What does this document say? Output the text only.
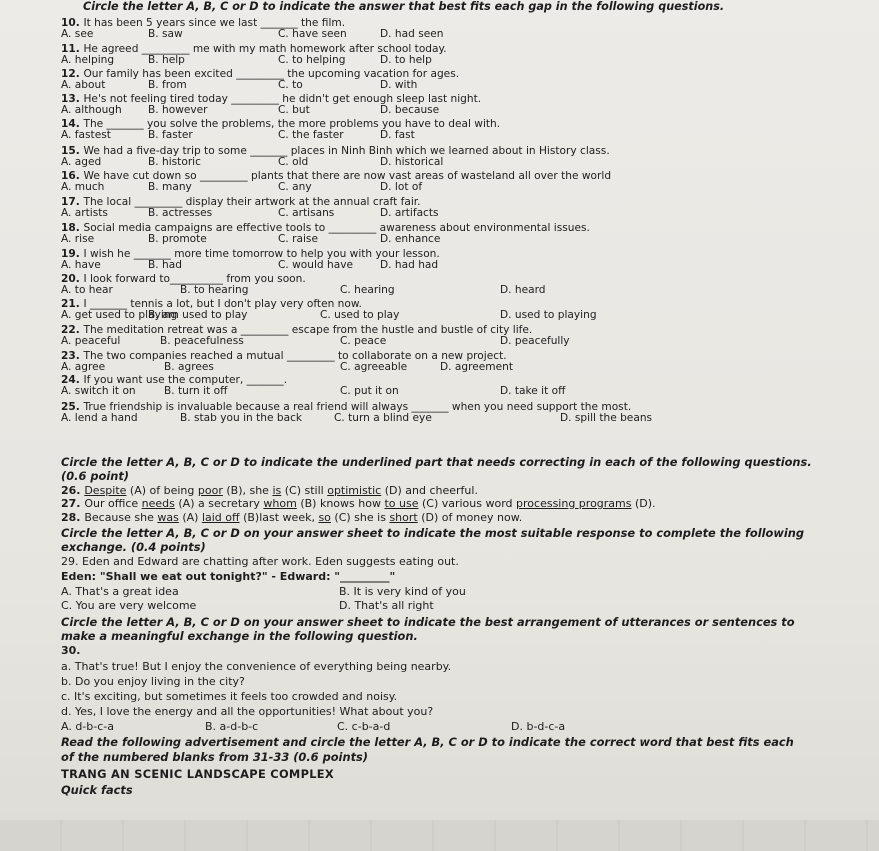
Circle the letter A, B, C or D to indicate the answer that best fits each gap in the following questions.
10. It has been 5 years since we last _______ the film.
A. see	B. saw	C. have seen	D. had seen
11. He agreed _________ me with my math homework after school today.
A. helping	B. help	C. to helping	D. to help
12. Our family has been excited _________ the upcoming vacation for ages.
A. about	B. from	C. to	D. with
13. He's not feeling tired today _________ he didn't get enough sleep last night.
A. although B. however	C. but	D. because
14. The _______ you solve the problems, the more problems you have to deal with.
A. fastest	B. faster	C. the faster	D. fast
15. We had a five-day trip to some _______ places in Ninh Binh which we learned about in History class.
A. aged	B. historic	C. old	D. historical
16. We have cut down so _________ plants that there are now vast areas of wasteland all over the world
A. much	B. many	C. any	D. lot of
17. The local _________ display their artwork at the annual craft fair.
A. artists	B. actresses	C. artisans	D. artifacts
18. Social media campaigns are effective tools to _________ awareness about environmental issues.
A. rise	B. promote	C. raise	D. enhance
19. I wish he _______ more time tomorrow to help you with your lesson.
A. have	B. had	C. would have	D. had had
20. I look forward to__________ from you soon.
A. to hear	B. to hearing	C. hearing	D. heard
21. I _______ tennis a lot, but I don't play very often now.
A. get used to playing
B. am used to play	C. used to play	D. used to playing
22. The meditation retreat was a _________ escape from the hustle and bustle of city life.
A. peaceful	B. peacefulness	C. peace	D. peacefully
23. The two companies reached a mutual _________ to collaborate on a new project.
A. agree	B. agrees	C. agreeable	D. agreement
24. If you want use the computer, _______.
A. switch it on	B. turn it off	C. put it on	D. take it off
25. True friendship is invaluable because a real friend will always _______ when you need support the most.
A. lend a hand	B. stab you in the back	C. turn a blind eye	D. spill the beans
Circle the letter A, B, C or D to indicate the underlined part that needs correcting in each of the following questions.
(0.6 point)
26. Despite (A) of being poor (B), she is (C) still optimistic (D) and cheerful.
27. Our office needs (A) a secretary whom (B) knows how to use (C) various word processing programs (D).
28. Because she was (A) laid off (B)last week, so (C) she is short (D) of money now.
Circle the letter A, B, C or D on your answer sheet to indicate the most suitable response to complete the following
exchange. (0.4 points)
29. Eden and Edward are chatting after work. Eden suggests eating out.
Eden: "Shall we eat out tonight?" - Edward: "_________"
A. That's a great idea	B. It is very kind of you
C. You are very welcome	D. That's all right
Circle the letter A, B, C or D on your answer sheet to indicate the best arrangement of utterances or sentences to
make a meaningful exchange in the following question.
30.
a. That's true! But I enjoy the convenience of everything being nearby.
b. Do you enjoy living in the city?
c. It's exciting, but sometimes it feels too crowded and noisy.
d. Yes, I love the energy and all the opportunities! What about you?
A. d-b-c-a	B. a-d-b-c	C. c-b-a-d	D. b-d-c-a
Read the following advertisement and circle the letter A, B, C or D to indicate the correct word that best fits each
of the numbered blanks from 31-33 (0.6 points)
TRANG AN SCENIC LANDSCAPE COMPLEX
Quick facts
